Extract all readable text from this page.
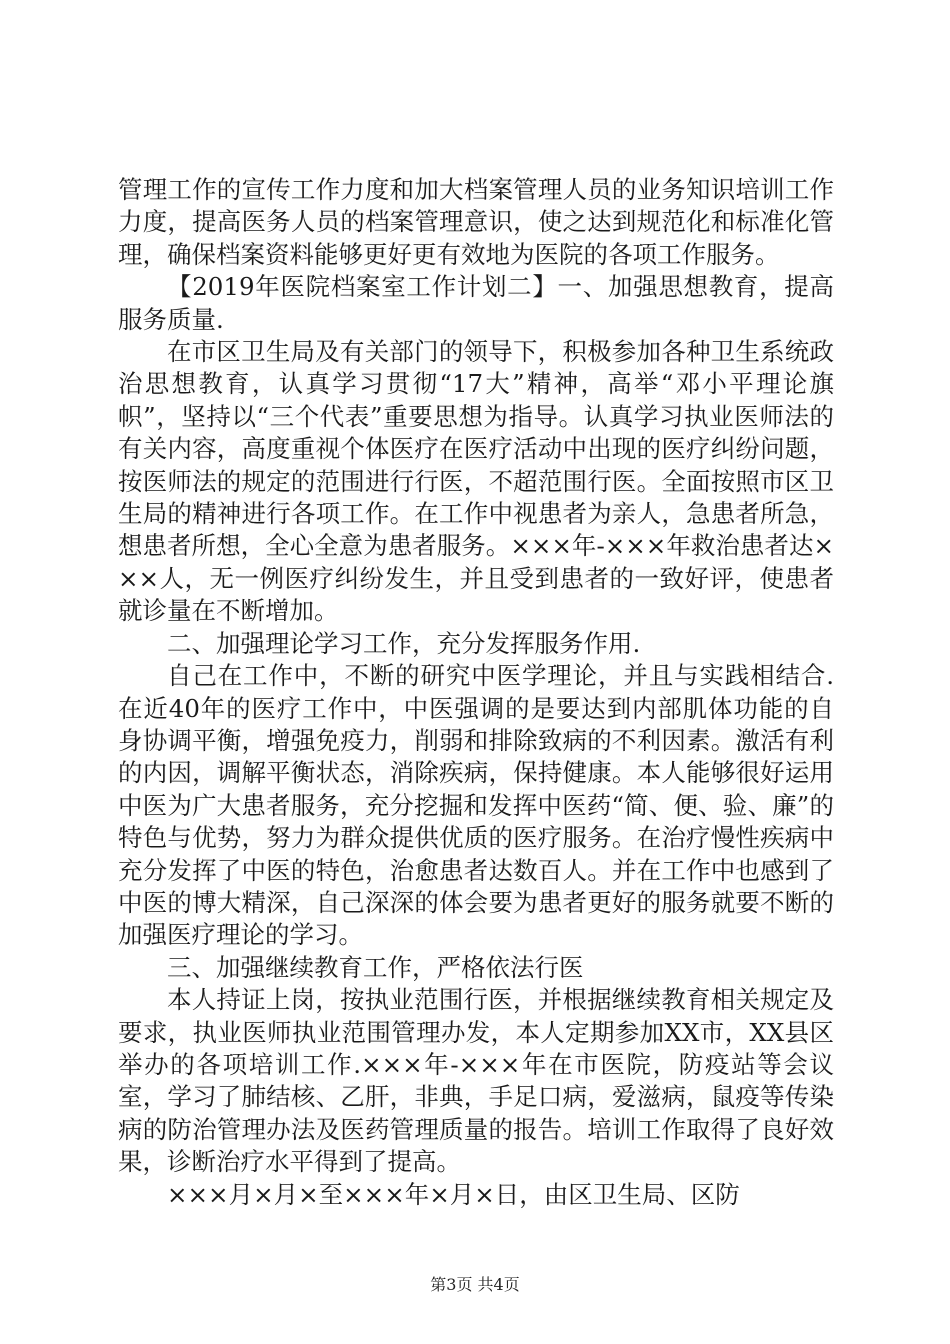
管理工作的宣传工作力度和加大档案管理人员的业务知识培训工作力度，提高医务人员的档案管理意识，使之达到规范化和标准化管理，确保档案资料能够更好更有效地为医院的各项工作服务。

【2019年医院档案室工作计划二】一、加强思想教育，提高服务质量.

在市区卫生局及有关部门的领导下，积极参加各种卫生系统政治思想教育，认真学习贯彻“17大”精神，高举“邓小平理论旗帜”，坚持以“三个代表”重要思想为指导。认真学习执业医师法的有关内容，高度重视个体医疗在医疗活动中出现的医疗纠纷问题，按医师法的规定的范围进行行医，不超范围行医。全面按照市区卫生局的精神进行各项工作。在工作中视患者为亲人，急患者所急，想患者所想，全心全意为患者服务。×××年-×××年救治患者达×××人，无一例医疗纠纷发生，并且受到患者的一致好评，使患者就诊量在不断增加。

二、加强理论学习工作，充分发挥服务作用.

自己在工作中，不断的研究中医学理论，并且与实践相结合.在近40年的医疗工作中，中医强调的是要达到内部肌体功能的自身协调平衡，增强免疫力，削弱和排除致病的不利因素。激活有利的内因，调解平衡状态，消除疾病，保持健康。本人能够很好运用中医为广大患者服务，充分挖掘和发挥中医药“简、便、验、廉”的特色与优势，努力为群众提供优质的医疗服务。在治疗慢性疾病中充分发挥了中医的特色，治愈患者达数百人。并在工作中也感到了中医的博大精深，自己深深的体会要为患者更好的服务就要不断的加强医疗理论的学习。

三、加强继续教育工作，严格依法行医

本人持证上岗，按执业范围行医，并根据继续教育相关规定及要求，执业医师执业范围管理办发，本人定期参加XX市，XX县区举办的各项培训工作.×××年-×××年在市医院，防疫站等会议室，学习了肺结核、乙肝，非典，手足口病，爱滋病，鼠疫等传染病的防治管理办法及医药管理质量的报告。培训工作取得了良好效果，诊断治疗水平得到了提高。

×××月×月×至×××年×月×日，由区卫生局、区防

第3页 共4页
